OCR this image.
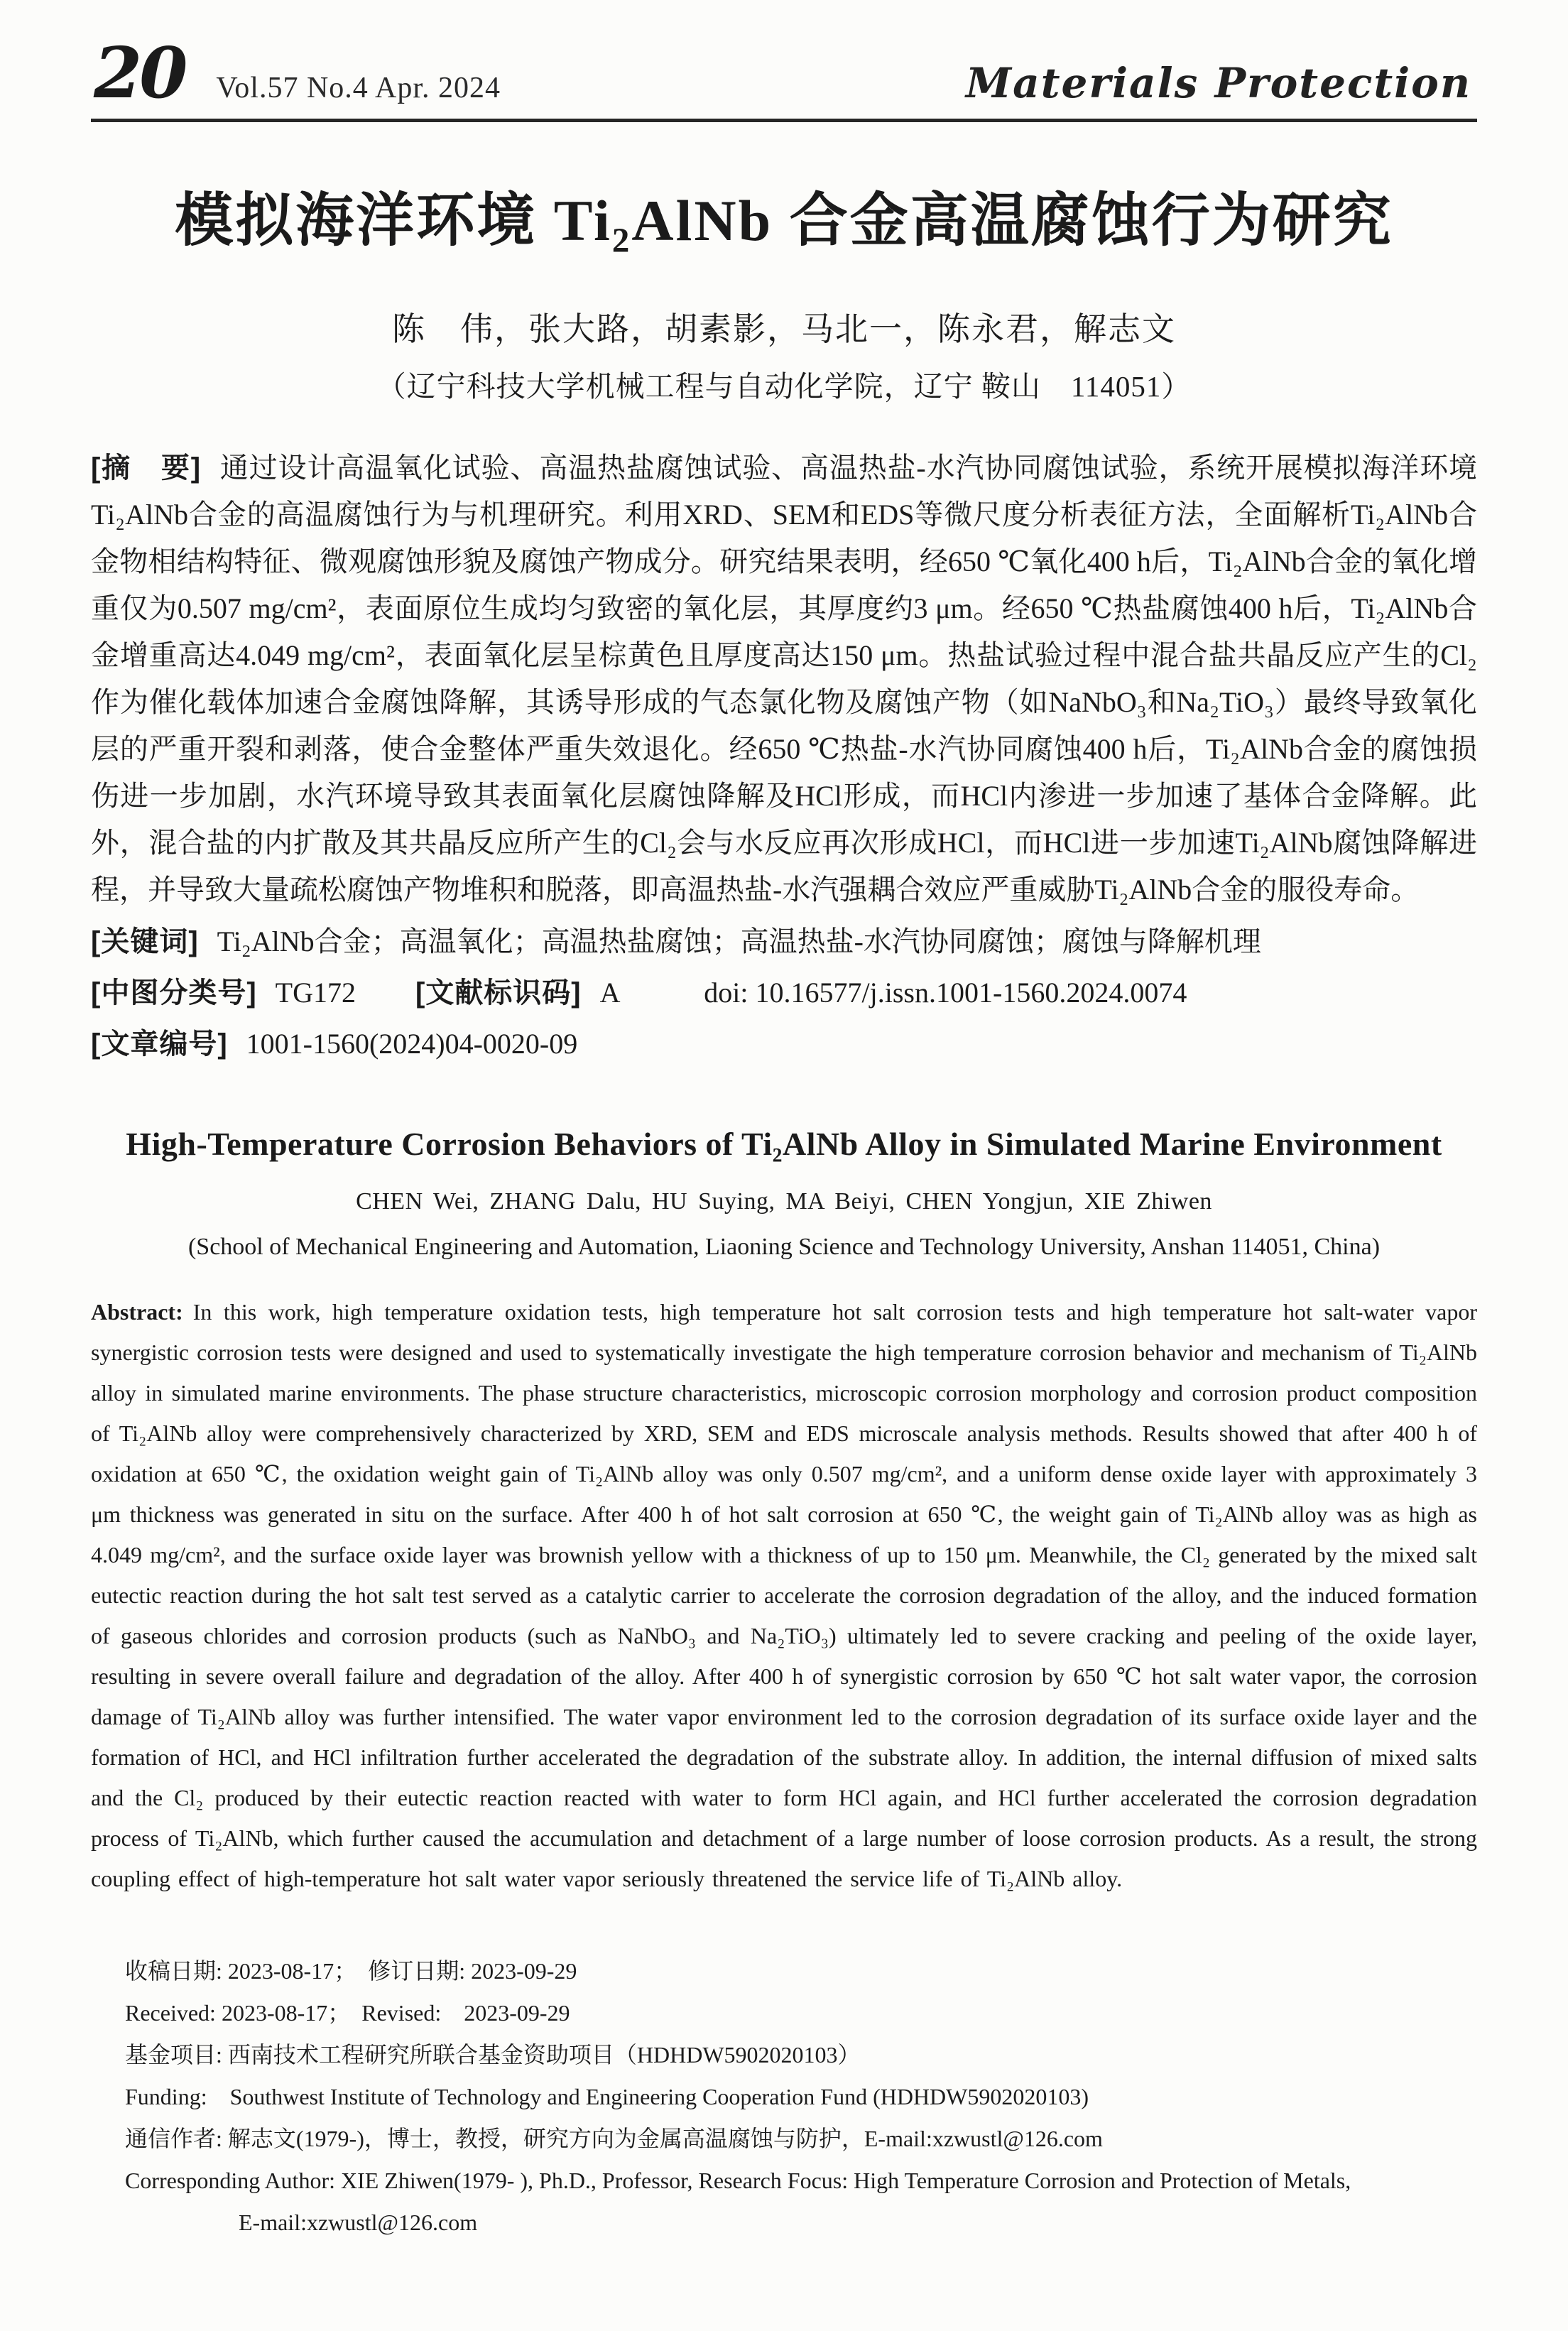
20 Vol.57 No.4 Apr. 2024	Materials Protection
模拟海洋环境 Ti₂AlNb 合金高温腐蚀行为研究
陈　伟，张大路，胡素影，马北一，陈永君，解志文
（辽宁科技大学机械工程与自动化学院，辽宁 鞍山　114051）

[摘　要] 通过设计高温氧化试验、高温热盐腐蚀试验、高温热盐-水汽协同腐蚀试验，系统开展模拟海洋环境Ti₂AlNb合金的高温腐蚀行为与机理研究。利用XRD、SEM和EDS等微尺度分析表征方法，全面解析Ti₂AlNb合金物相结构特征、微观腐蚀形貌及腐蚀产物成分。研究结果表明，经650 ℃氧化400 h后，Ti₂AlNb合金的氧化增重仅为0.507 mg/cm²，表面原位生成均匀致密的氧化层，其厚度约3 μm。经650 ℃热盐腐蚀400 h后，Ti₂AlNb合金增重高达4.049 mg/cm²，表面氧化层呈棕黄色且厚度高达150 μm。热盐试验过程中混合盐共晶反应产生的Cl₂作为催化载体加速合金腐蚀降解，其诱导形成的气态氯化物及腐蚀产物（如NaNbO₃和Na₂TiO₃）最终导致氧化层的严重开裂和剥落，使合金整体严重失效退化。经650 ℃热盐-水汽协同腐蚀400 h后，Ti₂AlNb合金的腐蚀损伤进一步加剧，水汽环境导致其表面氧化层腐蚀降解及HCl形成，而HCl内渗进一步加速了基体合金降解。此外，混合盐的内扩散及其共晶反应所产生的Cl₂会与水反应再次形成HCl，而HCl进一步加速Ti₂AlNb腐蚀降解进程，并导致大量疏松腐蚀产物堆积和脱落，即高温热盐-水汽强耦合效应严重威胁Ti₂AlNb合金的服役寿命。

[关键词] Ti₂AlNb合金；高温氧化；高温热盐腐蚀；高温热盐-水汽协同腐蚀；腐蚀与降解机理

[中图分类号] TG172 [文献标识码] A	doi: 10.16577/j.issn.1001-1560.2024.0074

[文章编号] 1001-1560(2024)04-0020-09

High-Temperature Corrosion Behaviors of Ti₂AlNb Alloy in Simulated Marine Environment
CHEN Wei, ZHANG Dalu, HU Suying, MA Beiyi, CHEN Yongjun, XIE Zhiwen
(School of Mechanical Engineering and Automation, Liaoning Science and Technology University, Anshan 114051, China)

Abstract: In this work, high temperature oxidation tests, high temperature hot salt corrosion tests and high temperature hot salt-water vapor synergistic corrosion tests were designed and used to systematically investigate the high temperature corrosion behavior and mechanism of Ti₂AlNb alloy in simulated marine environments. The phase structure characteristics, microscopic corrosion morphology and corrosion product composition of Ti₂AlNb alloy were comprehensively characterized by XRD, SEM and EDS microscale analysis methods. Results showed that after 400 h of oxidation at 650 ℃, the oxidation weight gain of Ti₂AlNb alloy was only 0.507 mg/cm², and a uniform dense oxide layer with approximately 3 μm thickness was generated in situ on the surface. After 400 h of hot salt corrosion at 650 ℃, the weight gain of Ti₂AlNb alloy was as high as 4.049 mg/cm², and the surface oxide layer was brownish yellow with a thickness of up to 150 μm. Meanwhile, the Cl₂ generated by the mixed salt eutectic reaction during the hot salt test served as a catalytic carrier to accelerate the corrosion degradation of the alloy, and the induced formation of gaseous chlorides and corrosion products (such as NaNbO₃ and Na₂TiO₃) ultimately led to severe cracking and peeling of the oxide layer, resulting in severe overall failure and degradation of the alloy. After 400 h of synergistic corrosion by 650 ℃ hot salt water vapor, the corrosion damage of Ti₂AlNb alloy was further intensified. The water vapor environment led to the corrosion degradation of its surface oxide layer and the formation of HCl, and HCl infiltration further accelerated the degradation of the substrate alloy. In addition, the internal diffusion of mixed salts and the Cl₂ produced by their eutectic reaction reacted with water to form HCl again, and HCl further accelerated the corrosion degradation process of Ti₂AlNb, which further caused the accumulation and detachment of a large number of loose corrosion products. As a result, the strong coupling effect of high-temperature hot salt water vapor seriously threatened the service life of Ti₂AlNb alloy.

收稿日期: 2023-08-17；　修订日期: 2023-09-29
Received: 2023-08-17；　Revised:　2023-09-29
基金项目: 西南技术工程研究所联合基金资助项目（HDHDW5902020103）
Funding:　Southwest Institute of Technology and Engineering Cooperation Fund (HDHDW5902020103)
通信作者: 解志文(1979-)，博士，教授，研究方向为金属高温腐蚀与防护，E-mail:xzwustl@126.com
Corresponding Author: XIE Zhiwen(1979- ), Ph.D., Professor, Research Focus: High Temperature Corrosion and Protection of Metals,
E-mail:xzwustl@126.com
